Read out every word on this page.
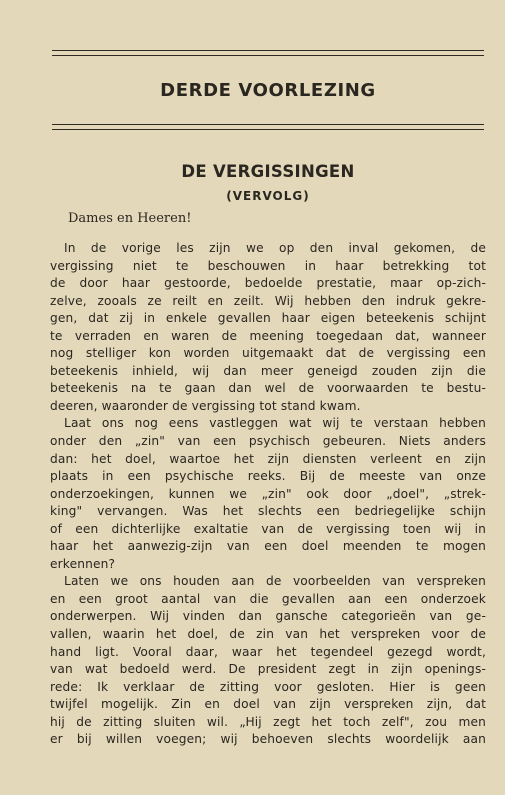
DERDE VOORLEZING
DE VERGISSINGEN
(VERVOLG)
Dames en Heeren!

In de vorige les zijn we op den inval gekomen, de
vergissing niet te beschouwen in haar betrekking tot
de door haar gestoorde, bedoelde prestatie, maar op-zich-
zelve, zooals ze reilt en zeilt. Wij hebben den indruk gekre-
gen, dat zij in enkele gevallen haar eigen beteekenis schijnt
te verraden en waren de meening toegedaan dat, wanneer
nog stelliger kon worden uitgemaakt dat de vergissing een
beteekenis inhield, wij dan meer geneigd zouden zijn die
beteekenis na te gaan dan wel de voorwaarden te bestu-
deeren, waaronder de vergissing tot stand kwam.

Laat ons nog eens vastleggen wat wij te verstaan hebben
onder den „zin" van een psychisch gebeuren. Niets anders
dan: het doel, waartoe het zijn diensten verleent en zijn
plaats in een psychische reeks. Bij de meeste van onze
onderzoekingen, kunnen we „zin" ook door „doel", „strek-
king" vervangen. Was het slechts een bedriegelijke schijn
of een dichterlijke exaltatie van de vergissing toen wij in
haar het aanwezig-zijn van een doel meenden te mogen
erkennen?

Laten we ons houden aan de voorbeelden van verspreken
en een groot aantal van die gevallen aan een onderzoek
onderwerpen. Wij vinden dan gansche categorieën van ge-
vallen, waarin het doel, de zin van het verspreken voor de
hand ligt. Vooral daar, waar het tegendeel gezegd wordt,
van wat bedoeld werd. De president zegt in zijn openings-
rede: Ik verklaar de zitting voor gesloten. Hier is geen
twijfel mogelijk. Zin en doel van zijn verspreken zijn, dat
hij de zitting sluiten wil. „Hij zegt het toch zelf", zou men
er bij willen voegen; wij behoeven slechts woordelijk aan
